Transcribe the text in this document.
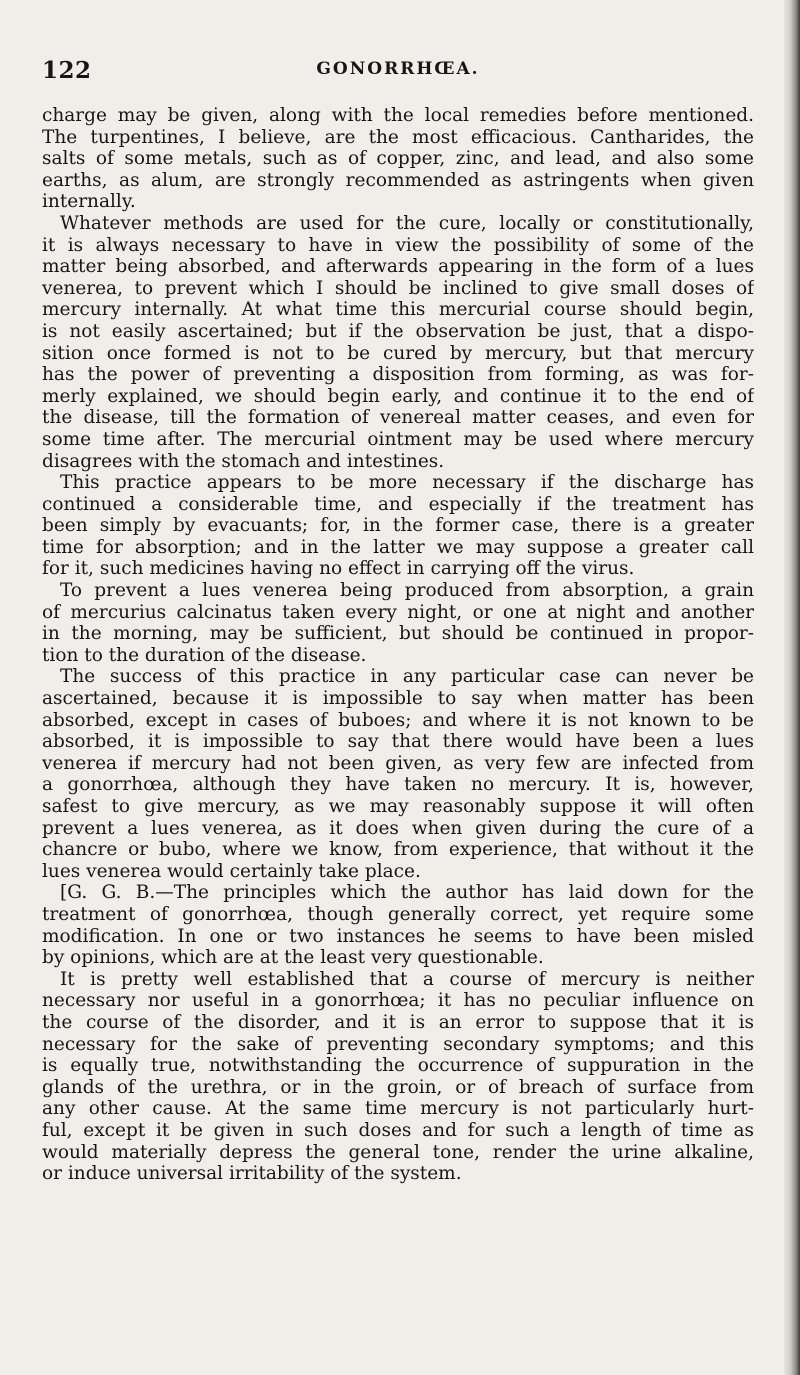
122	GONORRHŒA.
charge may be given, along with the local remedies before mentioned.
The turpentines, I believe, are the most efficacious. Cantharides, the
salts of some metals, such as of copper, zinc, and lead, and also some
earths, as alum, are strongly recommended as astringents when given
internally.
Whatever methods are used for the cure, locally or constitutionally,
it is always necessary to have in view the possibility of some of the
matter being absorbed, and afterwards appearing in the form of a lues
venerea, to prevent which I should be inclined to give small doses of
mercury internally. At what time this mercurial course should begin,
is not easily ascertained; but if the observation be just, that a dispo-
sition once formed is not to be cured by mercury, but that mercury
has the power of preventing a disposition from forming, as was for-
merly explained, we should begin early, and continue it to the end of
the disease, till the formation of venereal matter ceases, and even for
some time after. The mercurial ointment may be used where mercury
disagrees with the stomach and intestines.
This practice appears to be more necessary if the discharge has
continued a considerable time, and especially if the treatment has
been simply by evacuants; for, in the former case, there is a greater
time for absorption; and in the latter we may suppose a greater call
for it, such medicines having no effect in carrying off the virus.
To prevent a lues venerea being produced from absorption, a grain
of mercurius calcinatus taken every night, or one at night and another
in the morning, may be sufficient, but should be continued in propor-
tion to the duration of the disease.
The success of this practice in any particular case can never be
ascertained, because it is impossible to say when matter has been
absorbed, except in cases of buboes; and where it is not known to be
absorbed, it is impossible to say that there would have been a lues
venerea if mercury had not been given, as very few are infected from
a gonorrhœa, although they have taken no mercury. It is, however,
safest to give mercury, as we may reasonably suppose it will often
prevent a lues venerea, as it does when given during the cure of a
chancre or bubo, where we know, from experience, that without it the
lues venerea would certainly take place.
[G. G. B.—The principles which the author has laid down for the
treatment of gonorrhœa, though generally correct, yet require some
modification. In one or two instances he seems to have been misled
by opinions, which are at the least very questionable.
It is pretty well established that a course of mercury is neither
necessary nor useful in a gonorrhœa; it has no peculiar influence on
the course of the disorder, and it is an error to suppose that it is
necessary for the sake of preventing secondary symptoms; and this
is equally true, notwithstanding the occurrence of suppuration in the
glands of the urethra, or in the groin, or of breach of surface from
any other cause. At the same time mercury is not particularly hurt-
ful, except it be given in such doses and for such a length of time as
would materially depress the general tone, render the urine alkaline,
or induce universal irritability of the system.
